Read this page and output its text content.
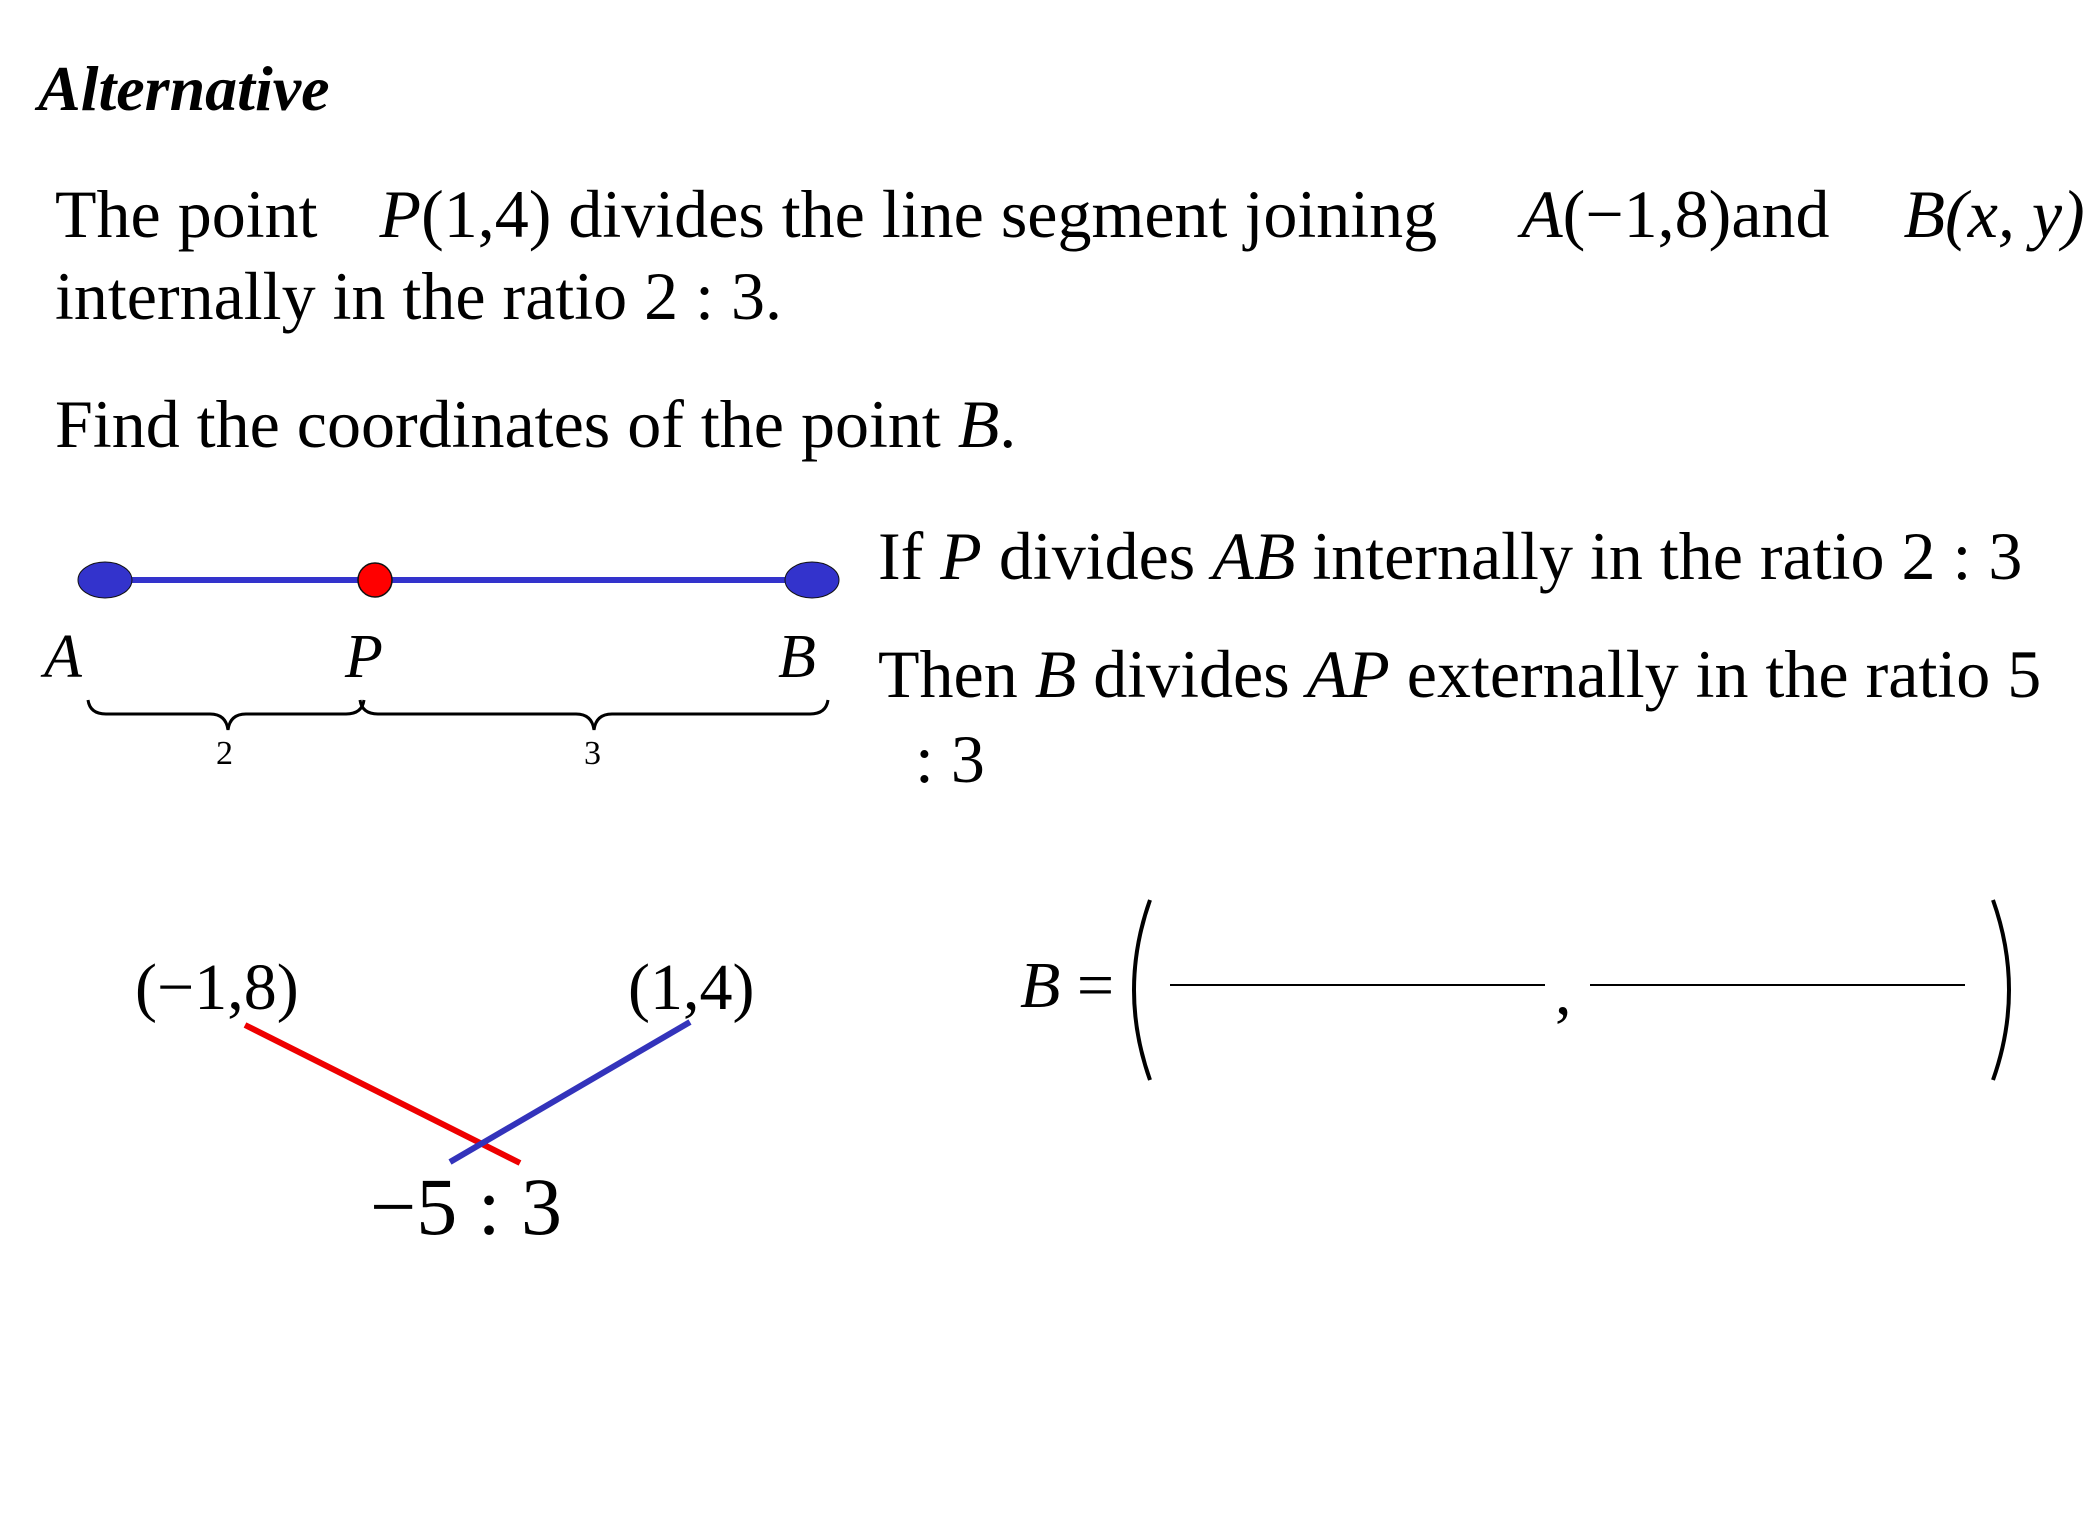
Alternative
The point P(1,4) divides the line segment joining A(−1,8)and B(x, y)
internally in the ratio 2 : 3.
Find the coordinates of the point B.
A	P	B
2	3
If P divides AB internally in the ratio 2 : 3
Then B divides AP externally in the ratio 5
: 3
(−1,8)	(1,4)
−5 : 3
B =	,
